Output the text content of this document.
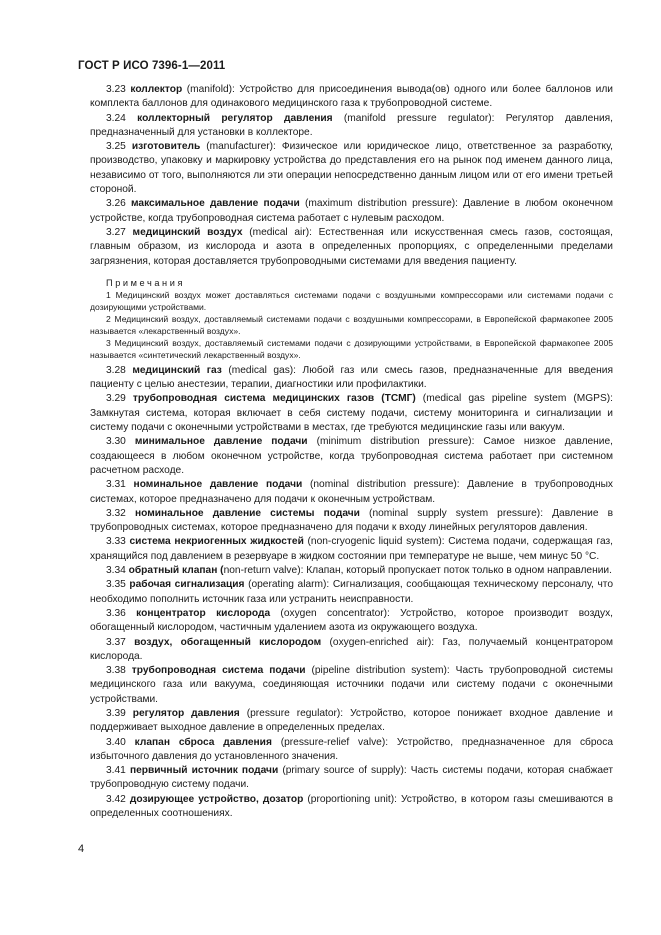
ГОСТ Р ИСО 7396-1—2011

3.23 коллектор (manifold): Устройство для присоединения вывода(ов) одного или более баллонов или комплекта баллонов для одинакового медицинского газа к трубопроводной системе.

3.24 коллекторный регулятор давления (manifold pressure regulator): Регулятор давления, предназначенный для установки в коллекторе.

3.25 изготовитель (manufacturer): Физическое или юридическое лицо, ответственное за разработку, производство, упаковку и маркировку устройства до представления его на рынок под именем данного лица, независимо от того, выполняются ли эти операции непосредственно данным лицом или от его имени третьей стороной.

3.26 максимальное давление подачи (maximum distribution pressure): Давление в любом оконечном устройстве, когда трубопроводная система работает с нулевым расходом.

3.27 медицинский воздух (medical air): Естественная или искусственная смесь газов, состоящая, главным образом, из кислорода и азота в определенных пропорциях, с определенными пределами загрязнения, которая доставляется трубопроводными системами для введения пациенту.

Примечания

1 Медицинский воздух может доставляться системами подачи с воздушными компрессорами или системами подачи с дозирующими устройствами.

2 Медицинский воздух, доставляемый системами подачи с воздушными компрессорами, в Европейской фармакопее 2005 называется «лекарственный воздух».

3 Медицинский воздух, доставляемый системами подачи с дозирующими устройствами, в Европейской фармакопее 2005 называется «синтетический лекарственный воздух».

3.28 медицинский газ (medical gas): Любой газ или смесь газов, предназначенные для введения пациенту с целью анестезии, терапии, диагностики или профилактики.

3.29 трубопроводная система медицинских газов (ТСМГ) (medical gas pipeline system (MGPS): Замкнутая система, которая включает в себя систему подачи, систему мониторинга и сигнализации и систему подачи с оконечными устройствами в местах, где требуются медицинские газы или вакуум.

3.30 минимальное давление подачи (minimum distribution pressure): Самое низкое давление, создающееся в любом оконечном устройстве, когда трубопроводная система работает при системном расчетном расходе.

3.31 номинальное давление подачи (nominal distribution pressure): Давление в трубопроводных системах, которое предназначено для подачи к оконечным устройствам.

3.32 номинальное давление системы подачи (nominal supply system pressure): Давление в трубопроводных системах, которое предназначено для подачи к входу линейных регуляторов давления.

3.33 система некриогенных жидкостей (non-cryogenic liquid system): Система подачи, содержащая газ, хранящийся под давлением в резервуаре в жидком состоянии при температуре не выше, чем минус 50 °C.

3.34 обратный клапан (non-return valve): Клапан, который пропускает поток только в одном направлении.

3.35 рабочая сигнализация (operating alarm): Сигнализация, сообщающая техническому персоналу, что необходимо пополнить источник газа или устранить неисправности.

3.36 концентратор кислорода (oxygen concentrator): Устройство, которое производит воздух, обогащенный кислородом, частичным удалением азота из окружающего воздуха.

3.37 воздух, обогащенный кислородом (oxygen-enriched air): Газ, получаемый концентратором кислорода.

3.38 трубопроводная система подачи (pipeline distribution system): Часть трубопроводной системы медицинского газа или вакуума, соединяющая источники подачи или систему подачи с оконечными устройствами.

3.39 регулятор давления (pressure regulator): Устройство, которое понижает входное давление и поддерживает выходное давление в определенных пределах.

3.40 клапан сброса давления (pressure-relief valve): Устройство, предназначенное для сброса избыточного давления до установленного значения.

3.41 первичный источник подачи (primary source of supply): Часть системы подачи, которая снабжает трубопроводную систему подачи.

3.42 дозирующее устройство, дозатор (proportioning unit): Устройство, в котором газы смешиваются в определенных соотношениях.

4
